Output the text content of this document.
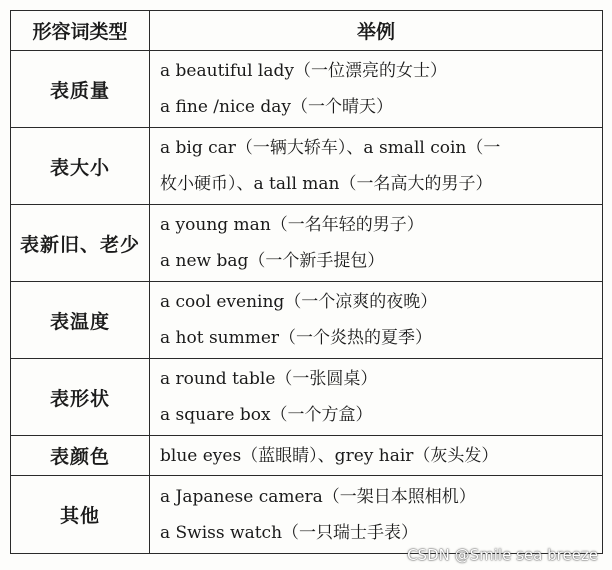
形容词类型	举例
表质量	a beautiful lady（一位漂亮的女士）
a fine /nice day（一个晴天）

表大小	a big car（一辆大轿车）、a small coin（一
枚小硬币）、a tall man（一名高大的男子）

表新旧、老少	a young man（一名年轻的男子）
a new bag（一个新手提包）

表温度	a cool evening（一个凉爽的夜晚）
a hot summer（一个炎热的夏季）

表形状	a round table（一张圆桌）
a square box（一个方盒）

表颜色	blue eyes（蓝眼睛）、grey hair（灰头发）

其他	a Japanese camera（一架日本照相机）
a Swiss watch（一只瑞士手表）
CSDN @Smile sea breeze
